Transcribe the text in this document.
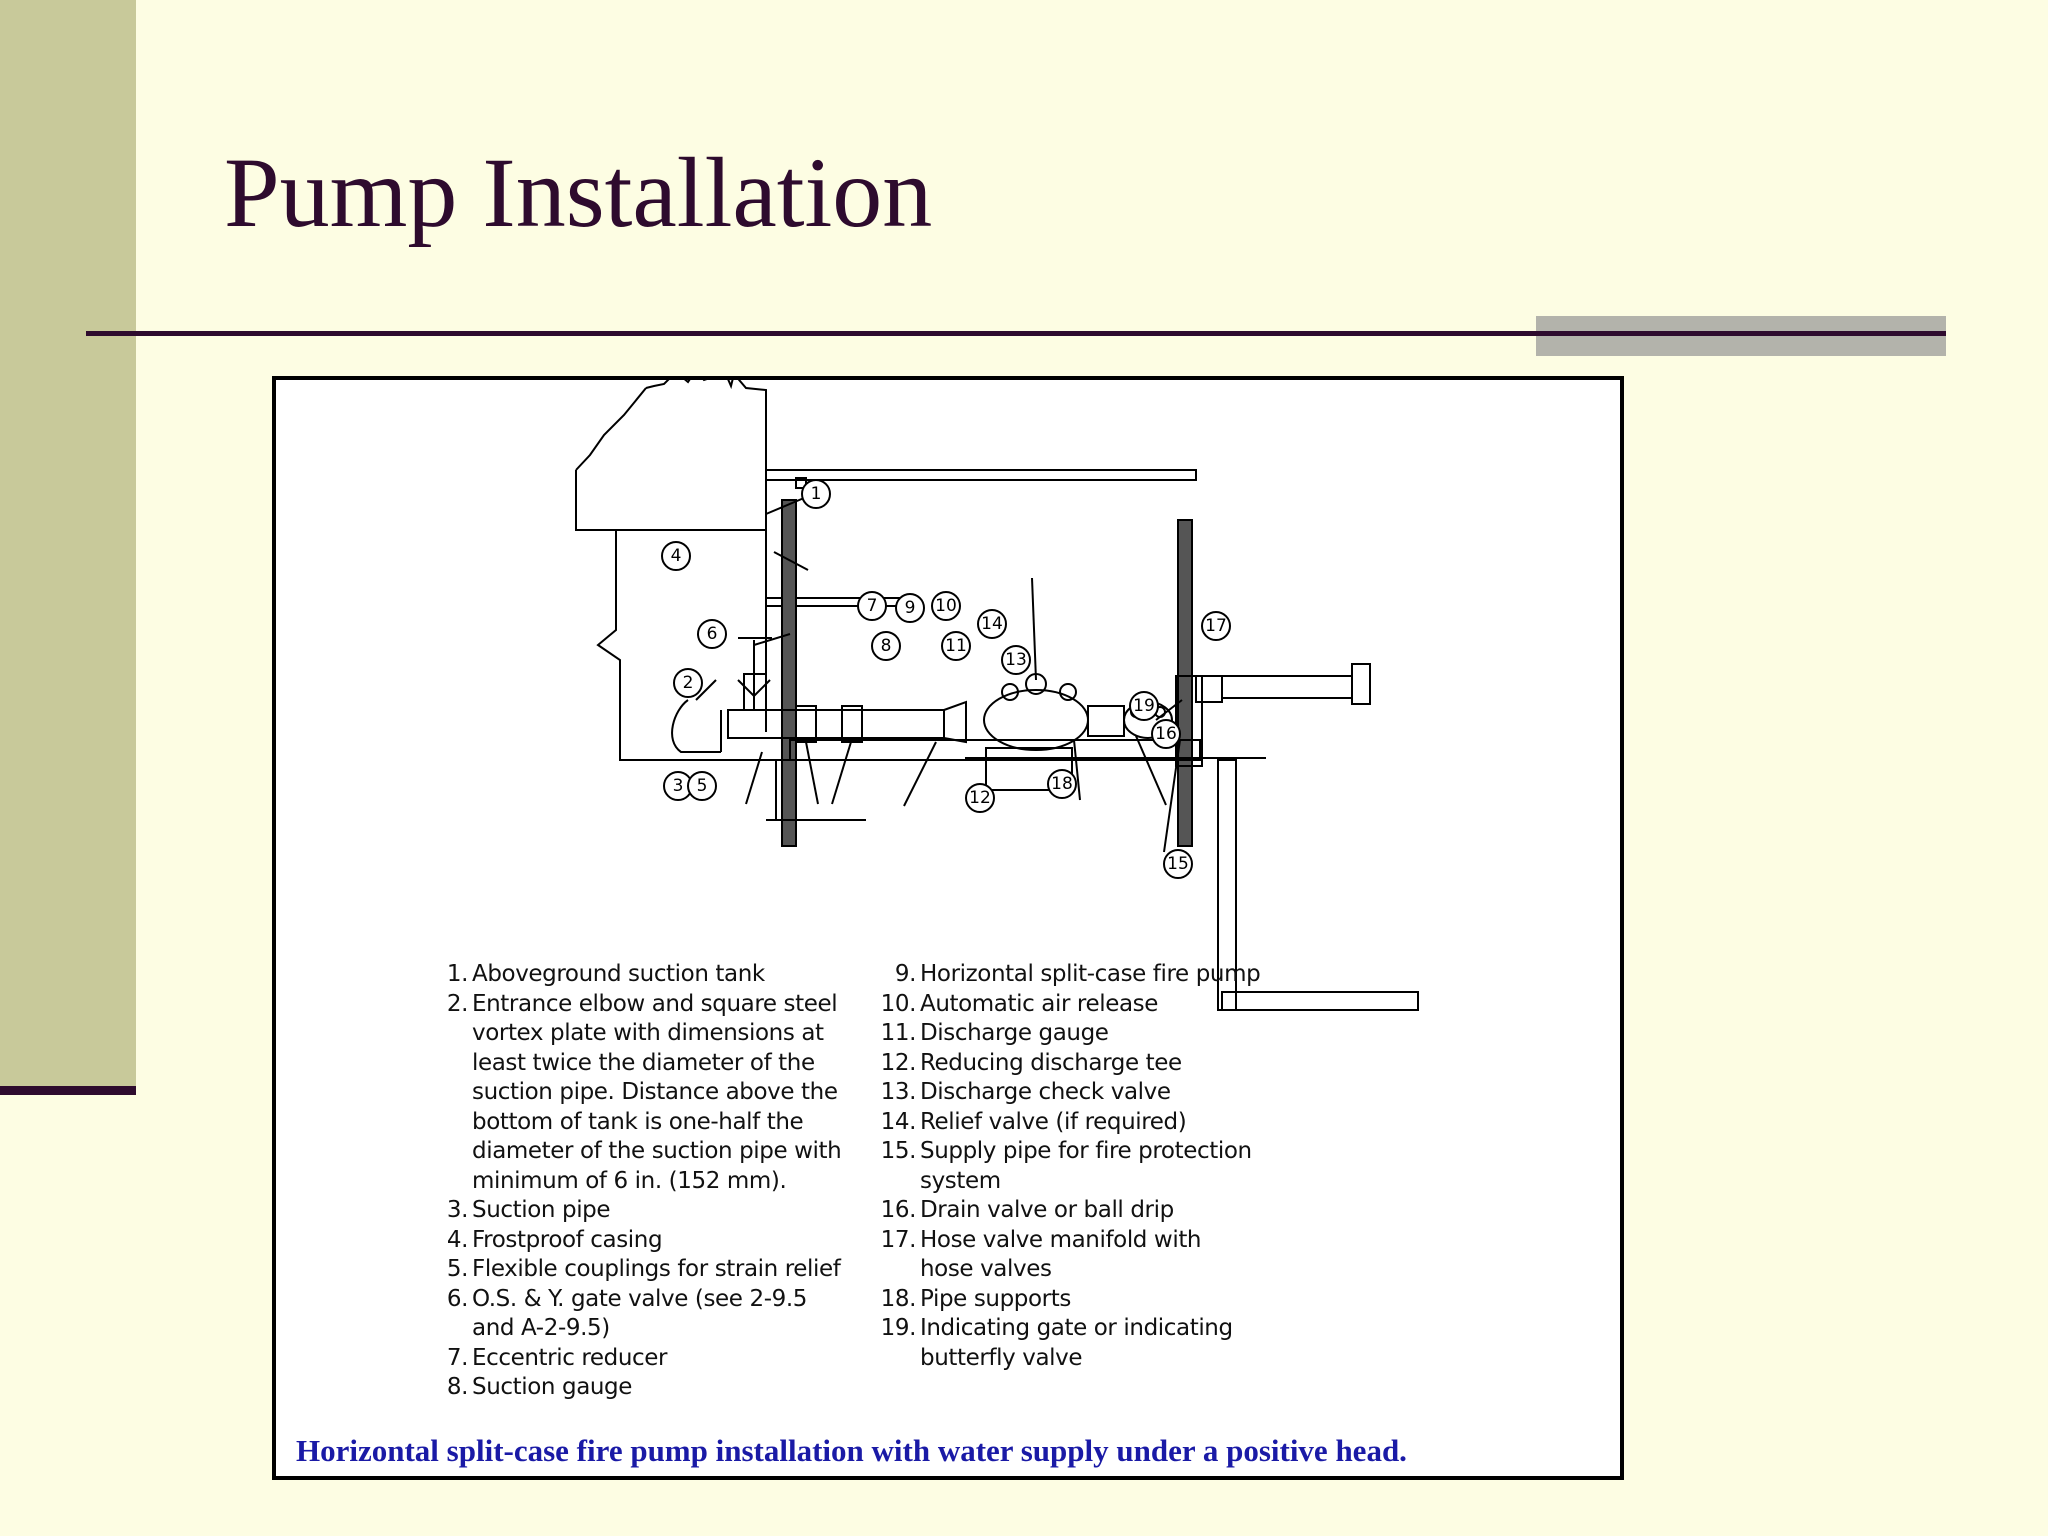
Pump Installation
1
2
3
4
5
6
7
8
9 10
11
12
13
14
15
16
17
18
19
1. Aboveground suction tank
2. Entrance elbow and square steel
vortex plate with dimensions at
least twice the diameter of the
suction pipe. Distance above the
bottom of tank is one-half the
diameter of the suction pipe with
minimum of 6 in. (152 mm).
3. Suction pipe
4. Frostproof casing
5. Flexible couplings for strain relief
6. O.S. & Y. gate valve (see 2-9.5
and A-2-9.5)
7. Eccentric reducer
8. Suction gauge
9. Horizontal split-case fire pump
10. Automatic air release
11. Discharge gauge
12. Reducing discharge tee
13. Discharge check valve
14. Relief valve (if required)
15. Supply pipe for fire protection
system
16. Drain valve or ball drip
17. Hose valve manifold with
hose valves
18. Pipe supports
19. Indicating gate or indicating
butterfly valve
Horizontal split-case fire pump installation with water supply under a positive head.
